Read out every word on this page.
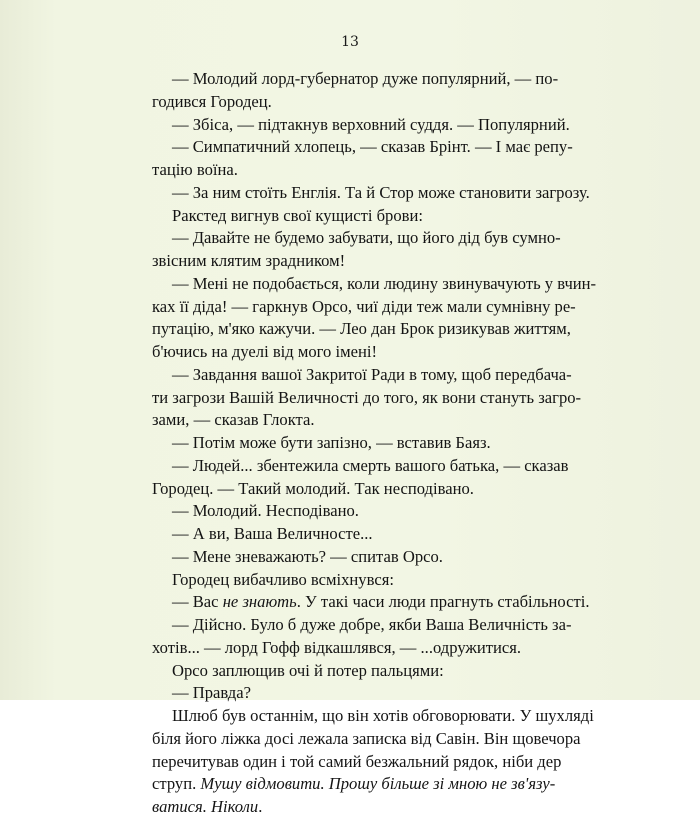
13
— Молодий лорд-губернатор дуже популярний, — по-
годився Городец.
— Збіса, — підтакнув верховний суддя. — Популярний.
— Симпатичний хлопець, — сказав Брінт. — І має репу-
тацію воїна.
— За ним стоїть Енглія. Та й Стор може становити загрозу.
Ракстед вигнув свої кущисті брови:
— Давайте не будемо забувати, що його дід був сумно-
звісним клятим зрадником!
— Мені не подобається, коли людину звинувачують у вчин-
ках її діда! — гаркнув Орсо, чиї діди теж мали сумнівну ре-
путацію, м'яко кажучи. — Лео дан Брок ризикував життям,
б'ючись на дуелі від мого імені!
— Завдання вашої Закритої Ради в тому, щоб передбача-
ти загрози Вашій Величності до того, як вони стануть загро-
зами, — сказав Глокта.
— Потім може бути запізно, — вставив Баяз.
— Людей... збентежила смерть вашого батька, — сказав
Городец. — Такий молодий. Так несподівано.
— Молодий. Несподівано.
— А ви, Ваша Величносте...
— Мене зневажають? — спитав Орсо.
Городец вибачливо всміхнувся:
— Вас не знають. У такі часи люди прагнуть стабільності.
— Дійсно. Було б дуже добре, якби Ваша Величність за-
хотів... — лорд Гофф відкашлявся, — ...одружитися.
Орсо заплющив очі й потер пальцями:
— Правда?
Шлюб був останнім, що він хотів обговорювати. У шухляді
біля його ліжка досі лежала записка від Савін. Він щовечора
перечитував один і той самий безжальний рядок, ніби дер
струп. Мушу відмовити. Прошу більше зі мною не зв'язу-
ватися. Ніколи.
